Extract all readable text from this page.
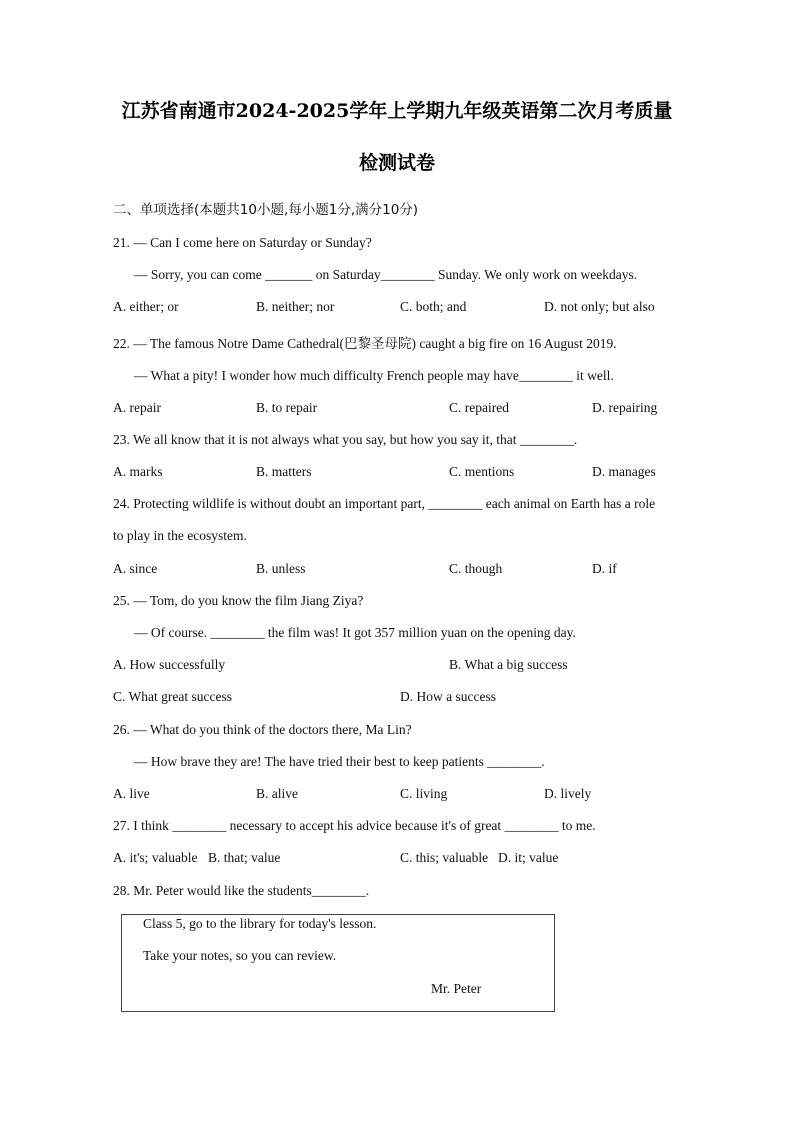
江苏省南通市2024-2025学年上学期九年级英语第二次月考质量
检测试卷
二、单项选择(本题共10小题,每小题1分,满分10分)
21. — Can I come here on Saturday or Sunday?
— Sorry, you can come _______ on Saturday________ Sunday. We only work on weekdays.
A. either; or	B. neither; nor	C. both; and	D. not only; but also
22. — The famous Notre Dame Cathedral(巴黎圣母院) caught a big fire on 16 August 2019.
— What a pity! I wonder how much difficulty French people may have________ it well.
A. repair	B. to repair	C. repaired	D. repairing
23. We all know that it is not always what you say, but how you say it, that ________.
A. marks	B. matters	C. mentions	D. manages
24. Protecting wildlife is without doubt an important part, ________ each animal on Earth has a role
to play in the ecosystem.
A. since	B. unless	C. though	D. if
25. — Tom, do you know the film Jiang Ziya?
— Of course. ________ the film was! It got 357 million yuan on the opening day.
A. How successfully	B. What a big success
C. What great success	D. How a success
26. — What do you think of the doctors there, Ma Lin?
— How brave they are! The have tried their best to keep patients ________.
A. live	B. alive	C. living	D. lively
27. I think ________ necessary to accept his advice because it's of great ________ to me.
A. it's; valuable B. that; value	C. this; valuable D. it; value
28. Mr. Peter would like the students________.
Class 5, go to the library for today's lesson.
Take your notes, so you can review.
Mr. Peter
